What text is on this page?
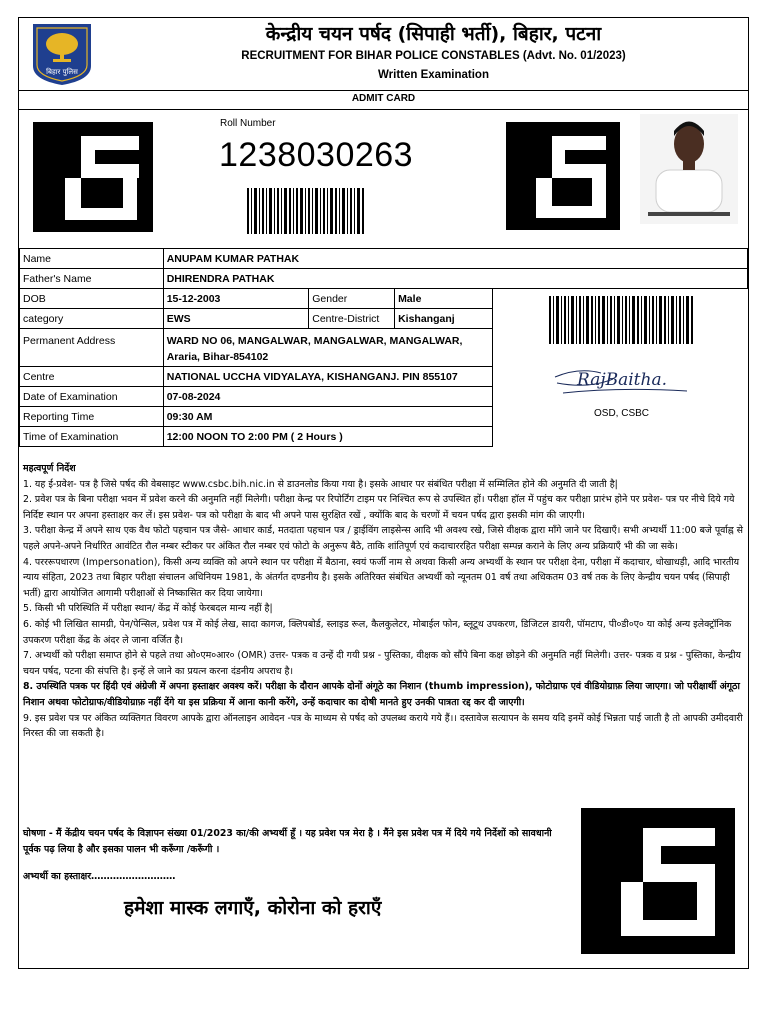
बिहार पुलिस
केन्द्रीय चयन पर्षद (सिपाही भर्ती), बिहार, पटना
RECRUITMENT FOR BIHAR POLICE CONSTABLES (Advt. No. 01/2023)
Written Examination
ADMIT CARD
Roll Number
1238030263
Name	ANUPAM KUMAR PATHAK			
Father's Name	DHIRENDRA PATHAK			
DOB	15-12-2003	Gender	Male	
category	EWS	Centre-District	Kishanganj	
Permanent Address	WARD NO 06, MANGALWAR, MANGALWAR, MANGALWAR,
Araria, Bihar-854102			
Centre	NATIONAL UCCHA VIDYALAYA, KISHANGANJ. PIN 855107			
Date of Examination	07-08-2024			
Reporting Time	09:30 AM			
Time of Examination	12:00 NOON TO 2:00 PM ( 2 Hours )			
RajBaitha.
OSD, CSBC

महत्वपूर्ण निर्देश

1. यह ई-प्रवेश- पत्र है जिसे पर्षद की वेबसाइट www.csbc.bih.nic.in से डाउनलोड किया गया है। इसके आधार पर संबंधित परीक्षा में सम्मिलित होने की अनुमति दी जाती है|

2. प्रवेश पत्र के बिना परीक्षा भवन में प्रवेश करने की अनुमति नहीं मिलेगी। परीक्षा केन्द्र पर रिपोर्टिंग टाइम पर निश्चित रूप से उपस्थित हों। परीक्षा हॉल में पहुंच कर परीक्षा प्रारंभ होने पर प्रवेश- पत्र पर नीचे दिये गये निर्दिष्ट स्थान पर अपना हस्ताक्षर कर लें। इस प्रवेश- पत्र को परीक्षा के बाद भी अपने पास सुरक्षित रखें , क्योंकि बाद के चरणों में चयन पर्षद द्वारा इसकी मांग की जाएगी।

3. परीक्षा केन्द्र में अपने साथ एक वैध फोटो पहचान पत्र जैसे- आधार कार्ड, मतदाता पहचान पत्र / ड्राईविंग लाइसेन्स आदि भी अवश्य रखे, जिसे वीक्षक द्वारा माँगे जाने पर दिखाएँ। सभी अभ्यर्थी 11:00 बजे पूर्वाह्न से पहले अपने-अपने निर्धारित आवंटित रौल नम्बर स्टीकर पर अंकित रौल नम्बर एवं फोटो के अनुरूप बैठे, ताकि शांतिपूर्ण एवं कदाचाररहित परीक्षा सम्पन्न कराने के लिए अन्य प्रक्रियाएँ भी की जा सके।

4. परररूपधारण (Impersonation), किसी अन्य व्यक्ति को अपने स्थान पर परीक्षा में बैठाना, स्वयं फर्जी नाम से अथवा किसी अन्य अभ्यर्थी के स्थान पर परीक्षा देना, परीक्षा में कदाचार, धोखाधड़ी, आदि भारतीय न्याय संहिता, 2023 तथा बिहार परीक्षा संचालन अधिनियम 1981, के अंतर्गत दण्डनीय है। इसके अतिरिक्त संबंधित अभ्यर्थी को न्यूनतम 01 वर्ष तथा अधिकतम 03 वर्ष तक के लिए केन्द्रीय चयन पर्षद (सिपाही भर्ती) द्वारा आयोजित आगामी परीक्षाओं से निष्कासित कर दिया जायेगा।

5. किसी भी परिस्थिति में परीक्षा स्थान/ केंद्र में कोई फेरबदल मान्य नहीं है|

6. कोई भी लिखित सामग्री, पेन/पेन्सिल, प्रवेश पत्र में कोई लेख, सादा कागज, क्लिपबोर्ड, स्लाइड रूल, कैलकुलेटर, मोबाईल फोन, ब्लूटूथ उपकरण, डिजिटल डायरी, पॉमटाप, पी०डी०ए० या कोई अन्य इलेक्ट्रॉनिक उपकरण परीक्षा केंद्र के अंदर ले जाना वर्जित है।

7. अभ्यर्थी को परीक्षा समाप्त होने से पहले तथा ओ०एम०आर० (OMR) उत्तर- पत्रक व उन्हें दी गयी प्रश्न - पुस्तिका, वीक्षक को सौंपे बिना कक्ष छोड़ने की अनुमति नहीं मिलेगी। उत्तर- पत्रक व प्रश्न - पुस्तिका, केन्द्रीय चयन पर्षद, पटना की संपत्ति है। इन्हें ले जाने का प्रयत्न करना दंडनीय अपराध है।

8. उपस्थिति पत्रक पर हिंदी एवं अंग्रेजी में अपना हस्ताक्षर अवश्य करें। परीक्षा के दौरान आपके दोनों अंगूठे का निशान (thumb impression), फोटोग्राफ एवं वीडियोग्राफ़ लिया जाएगा। जो परीक्षार्थी अंगूठा निशान अथवा फोटोग्राफ/वीडियोग्राफ़ नहीं देंगे या इस प्रक्रिया में आना कानी करेंगे, उन्हें कदाचार का दोषी मानते हुए उनकी पात्रता रद्द कर दी जाएगी।

9. इस प्रवेश पत्र पर अंकित व्यक्तिगत विवरण आपके द्वारा ऑनलाइन आवेदन -पत्र के माध्यम से पर्षद को उपलब्ध कराये गये हैं।। दस्तावेज सत्यापन के समय यदि इनमें कोई भिन्नता पाई जाती है तो आपकी उमीदवारी निरस्त की जा सकती है।

घोषणा - मैं केंद्रीय चयन पर्षद के विज्ञापन संख्या 01/2023 का/की अभ्यर्थी हूँ । यह प्रवेश पत्र मेरा है । मैंने इस प्रवेश पत्र में दिये गये निर्देशों को सावधानी पूर्वक पढ़ लिया है और इसका पालन भी करूँगा /करूँगी ।
अभ्यर्थी का हस्ताक्षर………………………
हमेशा मास्क लगाएँ, कोरोना को हराएँ
